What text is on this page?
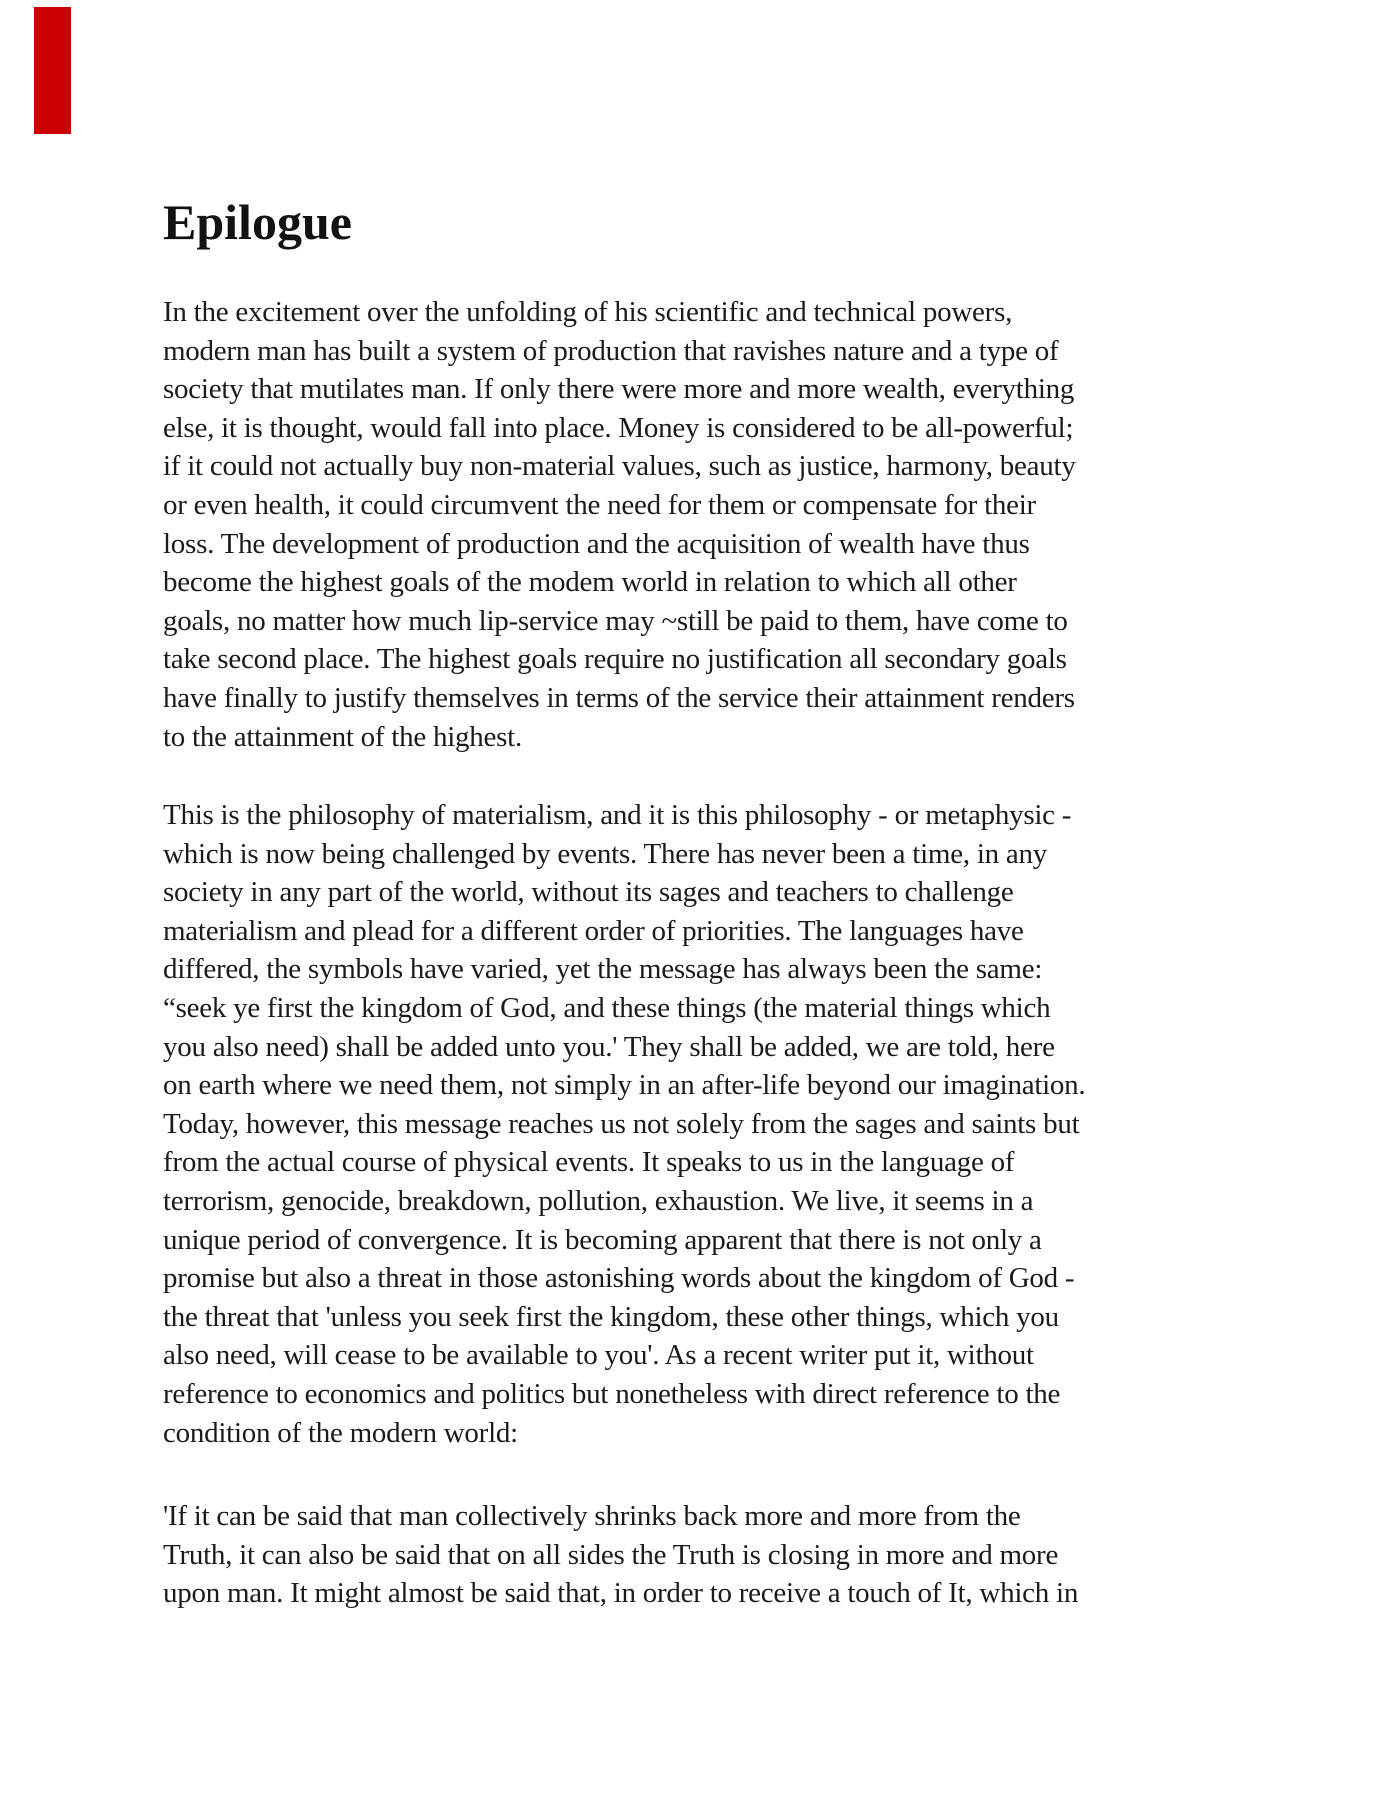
Epilogue
In the excitement over the unfolding of his scientific and technical powers,
modern man has built a system of production that ravishes nature and a type of
society that mutilates man. If only there were more and more wealth, everything
else, it is thought, would fall into place. Money is considered to be all-powerful;
if it could not actually buy non-material values, such as justice, harmony, beauty
or even health, it could circumvent the need for them or compensate for their
loss. The development of production and the acquisition of wealth have thus
become the highest goals of the modem world in relation to which all other
goals, no matter how much lip-service may ~still be paid to them, have come to
take second place. The highest goals require no justification all secondary goals
have finally to justify themselves in terms of the service their attainment renders
to the attainment of the highest.
This is the philosophy of materialism, and it is this philosophy - or metaphysic -
which is now being challenged by events. There has never been a time, in any
society in any part of the world, without its sages and teachers to challenge
materialism and plead for a different order of priorities. The languages have
differed, the symbols have varied, yet the message has always been the same:
“seek ye first the kingdom of God, and these things (the material things which
you also need) shall be added unto you.' They shall be added, we are told, here
on earth where we need them, not simply in an after-life beyond our imagination.
Today, however, this message reaches us not solely from the sages and saints but
from the actual course of physical events. It speaks to us in the language of
terrorism, genocide, breakdown, pollution, exhaustion. We live, it seems in a
unique period of convergence. It is becoming apparent that there is not only a
promise but also a threat in those astonishing words about the kingdom of God -
the threat that 'unless you seek first the kingdom, these other things, which you
also need, will cease to be available to you'. As a recent writer put it, without
reference to economics and politics but nonetheless with direct reference to the
condition of the modern world:
'If it can be said that man collectively shrinks back more and more from the
Truth, it can also be said that on all sides the Truth is closing in more and more
upon man. It might almost be said that, in order to receive a touch of It, which in
